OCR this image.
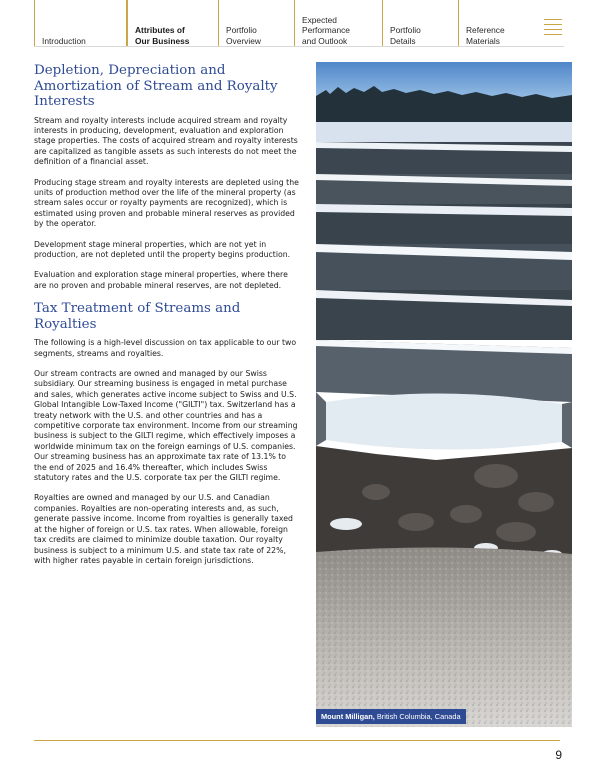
Introduction
Attributes of
Our Business
Portfolio
Overview
Expected
Performance
and Outlook
Portfolio
Details
Reference
Materials
Depletion, Depreciation and Amortization of Stream and Royalty Interests

Stream and royalty interests include acquired stream and royalty interests in producing, development, evaluation and exploration stage properties. The costs of acquired stream and royalty interests are capitalized as tangible assets as such interests do not meet the definition of a financial asset.

Producing stage stream and royalty interests are depleted using the units of production method over the life of the mineral property (as stream sales occur or royalty payments are recognized), which is estimated using proven and probable mineral reserves as provided by the operator.

Development stage mineral properties, which are not yet in production, are not depleted until the property begins production.

Evaluation and exploration stage mineral properties, where there are no proven and probable mineral reserves, are not depleted.

Tax Treatment of Streams and Royalties

The following is a high-level discussion on tax applicable to our two segments, streams and royalties.

Our stream contracts are owned and managed by our Swiss subsidiary. Our streaming business is engaged in metal purchase and sales, which generates active income subject to Swiss and U.S. Global Intangible Low-Taxed Income ("GILTI") tax. Switzerland has a treaty network with the U.S. and other countries and has a competitive corporate tax environment. Income from our streaming business is subject to the GILTI regime, which effectively imposes a worldwide minimum tax on the foreign earnings of U.S. companies. Our streaming business has an approximate tax rate of 13.1% to the end of 2025 and 16.4% thereafter, which includes Swiss statutory rates and the U.S. corporate tax per the GILTI regime.

Royalties are owned and managed by our U.S. and Canadian companies. Royalties are non-operating interests and, as such, generate passive income. Income from royalties is generally taxed at the higher of foreign or U.S. tax rates. When allowable, foreign tax credits are claimed to minimize double taxation. Our royalty business is subject to a minimum U.S. and state tax rate of 22%, with higher rates payable in certain foreign jurisdictions.

Mount Milligan, British Columbia, Canada
9
